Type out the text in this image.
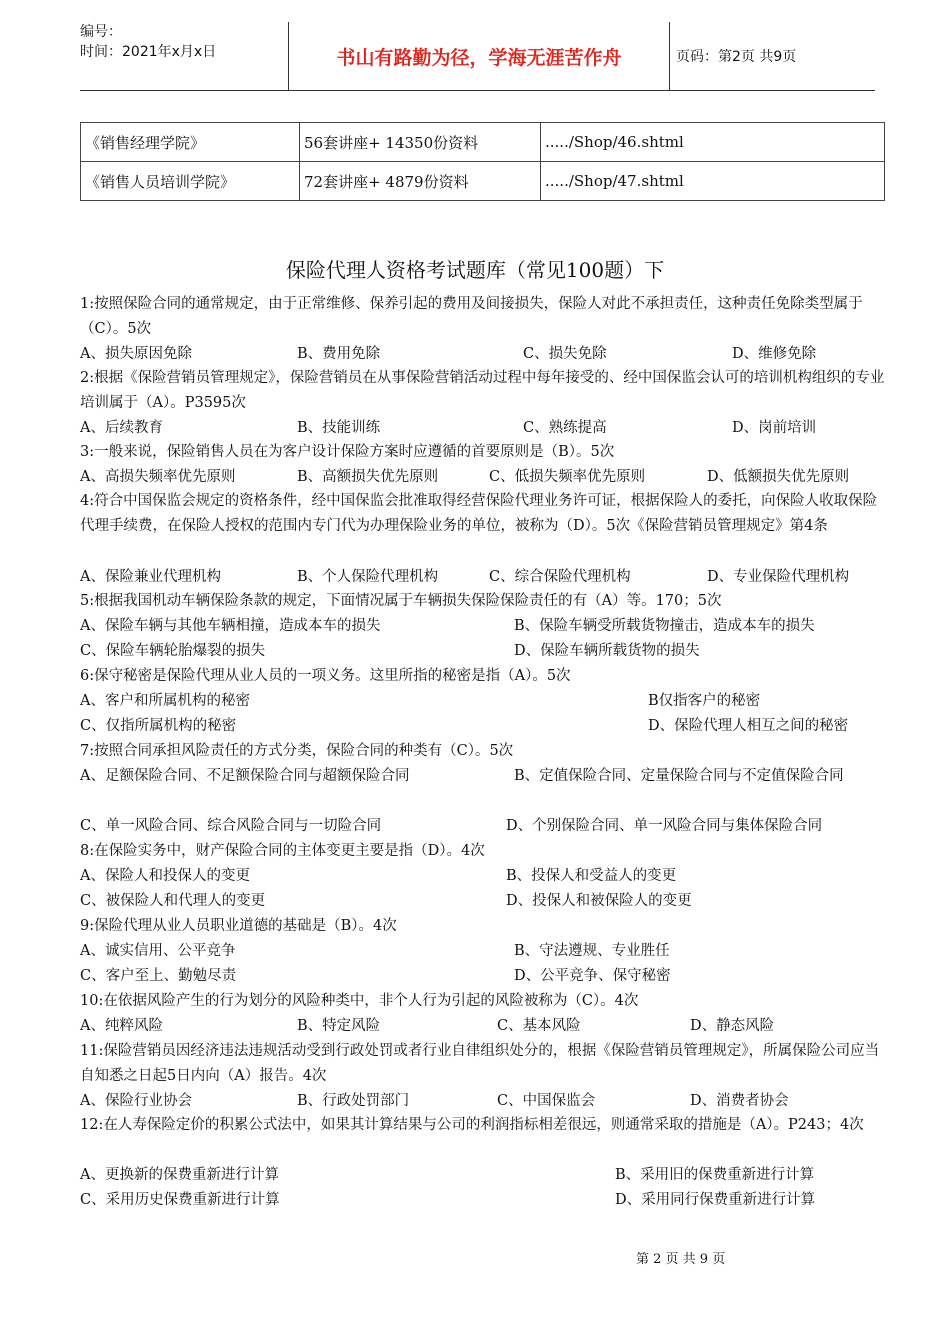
编号：
时间：2021年x月x日	书山有路勤为径，学海无涯苦作舟	页码：第2页 共9页
《销售经理学院》	56套讲座+ 14350份资料	...../Shop/46.shtml
《销售人员培训学院》	72套讲座+ 4879份资料	...../Shop/47.shtml
保险代理人资格考试题库（常见100题）下
1:按照保险合同的通常规定，由于正常维修、保养引起的费用及间接损失，保险人对此不承担责任，这种责任免除类型属于（C）。5次
A、损失原因免除	B、费用免除	C、损失免除	D、维修免除
2:根据《保险营销员管理规定》，保险营销员在从事保险营销活动过程中每年接受的、经中国保监会认可的培训机构组织的专业培训属于（A）。P3595次
A、后续教育	B、技能训练	C、熟练提高	D、岗前培训
3:一般来说，保险销售人员在为客户设计保险方案时应遵循的首要原则是（B）。5次
A、高损失频率优先原则	B、高额损失优先原则	C、低损失频率优先原则	D、低额损失优先原则
4:符合中国保监会规定的资格条件，经中国保监会批准取得经营保险代理业务许可证，根据保险人的委托，向保险人收取保险代理手续费，在保险人授权的范围内专门代为办理保险业务的单位，被称为（D）。5次《保险营销员管理规定》第4条
A、保险兼业代理机构	B、个人保险代理机构	C、综合保险代理机构	D、专业保险代理机构
5:根据我国机动车辆保险条款的规定，下面情况属于车辆损失保险保险责任的有（A）等。170；5次
A、保险车辆与其他车辆相撞，造成本车的损失	B、保险车辆受所载货物撞击，造成本车的损失
C、保险车辆轮胎爆裂的损失	D、保险车辆所载货物的损失
6:保守秘密是保险代理从业人员的一项义务。这里所指的秘密是指（A）。5次
A、客户和所属机构的秘密	B仅指客户的秘密
C、仅指所属机构的秘密	D、保险代理人相互之间的秘密
7:按照合同承担风险责任的方式分类，保险合同的种类有（C）。5次
A、足额保险合同、不足额保险合同与超额保险合同	B、定值保险合同、定量保险合同与不定值保险合同
C、单一风险合同、综合风险合同与一切险合同	D、个别保险合同、单一风险合同与集体保险合同
8:在保险实务中，财产保险合同的主体变更主要是指（D）。4次
A、保险人和投保人的变更	B、投保人和受益人的变更
C、被保险人和代理人的变更	D、投保人和被保险人的变更
9:保险代理从业人员职业道德的基础是（B）。4次
A、诚实信用、公平竞争	B、守法遵规、专业胜任
C、客户至上、勤勉尽责	D、公平竞争、保守秘密
10:在依据风险产生的行为划分的风险种类中，非个人行为引起的风险被称为（C）。4次
A、纯粹风险	B、特定风险	C、基本风险	D、静态风险
11:保险营销员因经济违法违规活动受到行政处罚或者行业自律组织处分的，根据《保险营销员管理规定》，所属保险公司应当自知悉之日起5日内向（A）报告。4次
A、保险行业协会	B、行政处罚部门	C、中国保监会	D、消费者协会
12:在人寿保险定价的积累公式法中，如果其计算结果与公司的利润指标相差很远，则通常采取的措施是（A）。P243；4次
A、更换新的保费重新进行计算	B、采用旧的保费重新进行计算
C、采用历史保费重新进行计算	D、采用同行保费重新进行计算
第 2 页 共 9 页
